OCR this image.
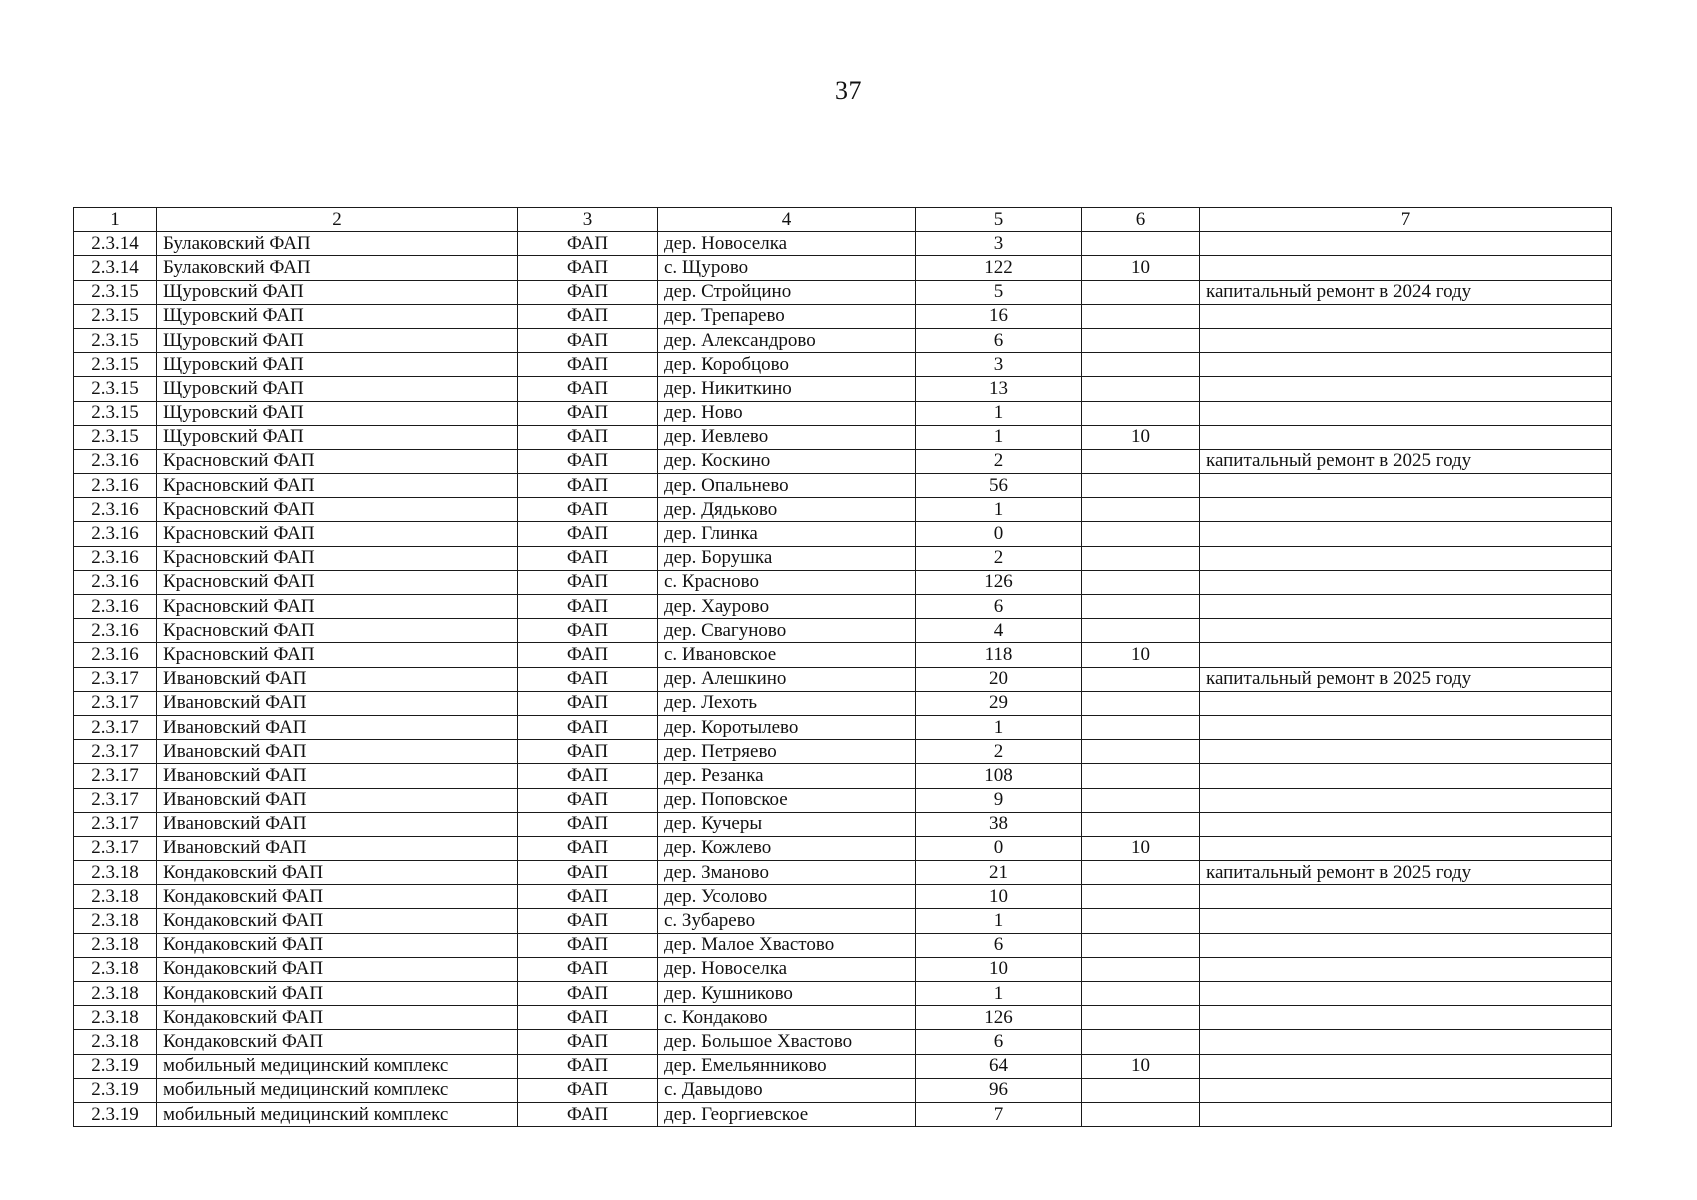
37
1	2	3	4	5	6	7
2.3.14	Булаковский ФАП	ФАП	дер. Новоселка	3		
2.3.14	Булаковский ФАП	ФАП	с. Щурово	122	10	
2.3.15	Щуровский ФАП	ФАП	дер. Стройцино	5		капитальный ремонт в 2024 году
2.3.15	Щуровский ФАП	ФАП	дер. Трепарево	16		
2.3.15	Щуровский ФАП	ФАП	дер. Александрово	6		
2.3.15	Щуровский ФАП	ФАП	дер. Коробцово	3		
2.3.15	Щуровский ФАП	ФАП	дер. Никиткино	13		
2.3.15	Щуровский ФАП	ФАП	дер. Ново	1		
2.3.15	Щуровский ФАП	ФАП	дер. Иевлево	1	10	
2.3.16	Красновский ФАП	ФАП	дер. Коскино	2		капитальный ремонт в 2025 году
2.3.16	Красновский ФАП	ФАП	дер. Опальнево	56		
2.3.16	Красновский ФАП	ФАП	дер. Дядьково	1		
2.3.16	Красновский ФАП	ФАП	дер. Глинка	0		
2.3.16	Красновский ФАП	ФАП	дер. Борушка	2		
2.3.16	Красновский ФАП	ФАП	с. Красново	126		
2.3.16	Красновский ФАП	ФАП	дер. Хаурово	6		
2.3.16	Красновский ФАП	ФАП	дер. Свагуново	4		
2.3.16	Красновский ФАП	ФАП	с. Ивановское	118	10	
2.3.17	Ивановский ФАП	ФАП	дер. Алешкино	20		капитальный ремонт в 2025 году
2.3.17	Ивановский ФАП	ФАП	дер. Лехоть	29		
2.3.17	Ивановский ФАП	ФАП	дер. Коротылево	1		
2.3.17	Ивановский ФАП	ФАП	дер. Петряево	2		
2.3.17	Ивановский ФАП	ФАП	дер. Резанка	108		
2.3.17	Ивановский ФАП	ФАП	дер. Поповское	9		
2.3.17	Ивановский ФАП	ФАП	дер. Кучеры	38		
2.3.17	Ивановский ФАП	ФАП	дер. Кожлево	0	10	
2.3.18	Кондаковский ФАП	ФАП	дер. Зманово	21		капитальный ремонт в 2025 году
2.3.18	Кондаковский ФАП	ФАП	дер. Усолово	10		
2.3.18	Кондаковский ФАП	ФАП	с. Зубарево	1		
2.3.18	Кондаковский ФАП	ФАП	дер. Малое Хвастово	6		
2.3.18	Кондаковский ФАП	ФАП	дер. Новоселка	10		
2.3.18	Кондаковский ФАП	ФАП	дер. Кушниково	1		
2.3.18	Кондаковский ФАП	ФАП	с. Кондаково	126		
2.3.18	Кондаковский ФАП	ФАП	дер. Большое Хвастово	6		
2.3.19	мобильный медицинский комплекс	ФАП	дер. Емельянниково	64	10	
2.3.19	мобильный медицинский комплекс	ФАП	с. Давыдово	96		
2.3.19	мобильный медицинский комплекс	ФАП	дер. Георгиевское	7		
